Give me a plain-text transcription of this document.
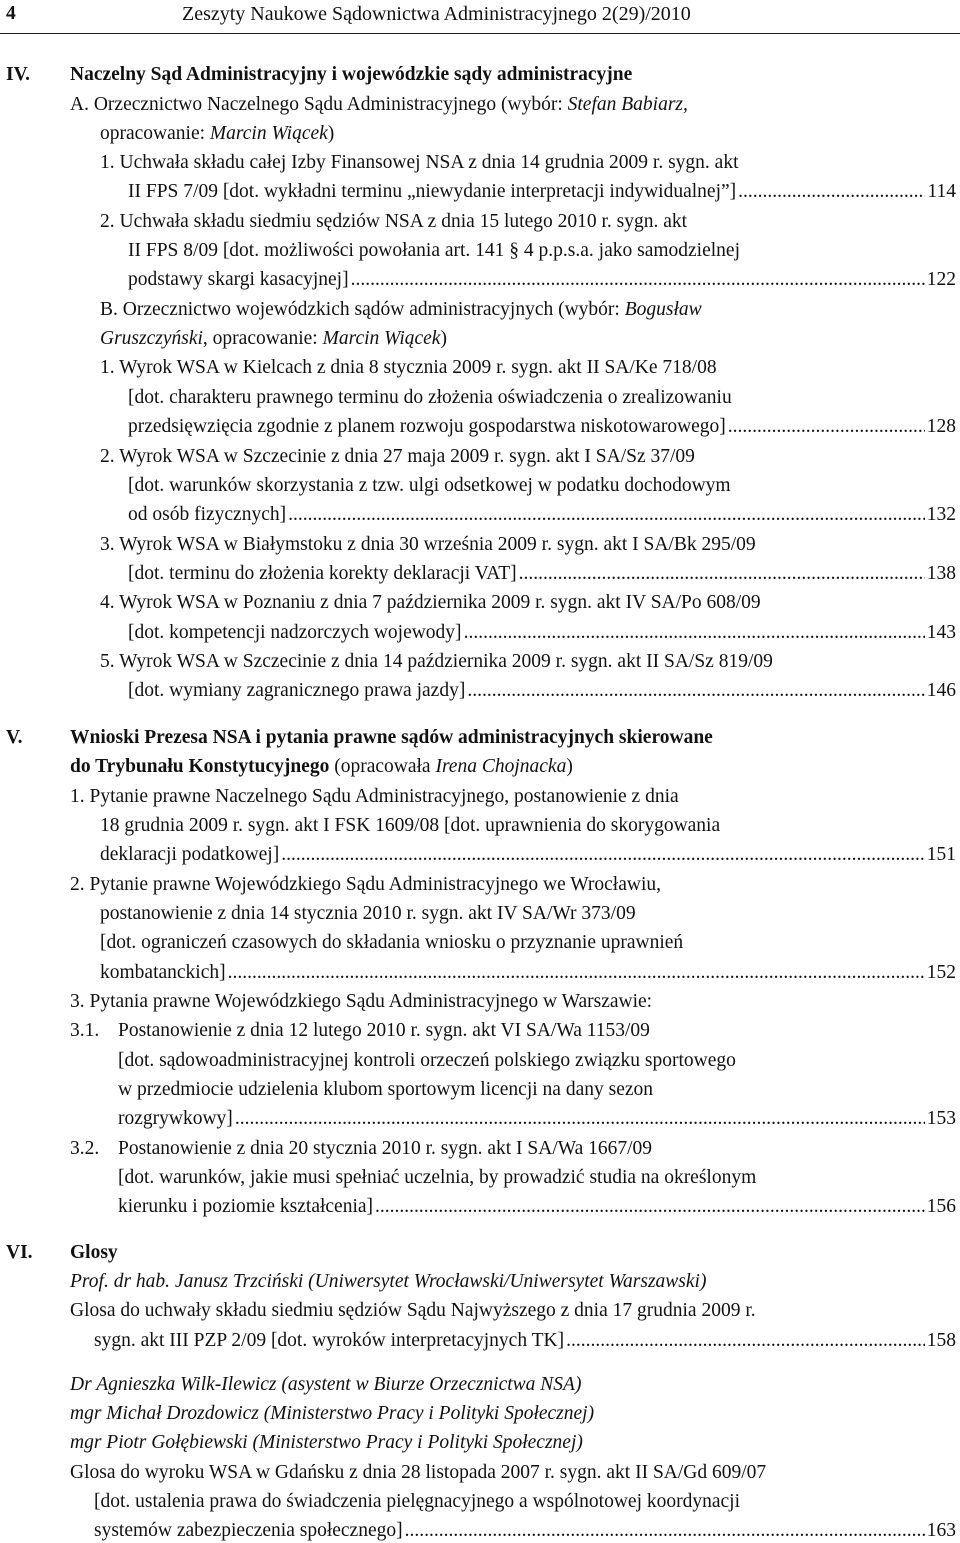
4	Zeszyty Naukowe Sądownictwa Administracyjnego 2(29)/2010
IV. Naczelny Sąd Administracyjny i wojewódzkie sądy administracyjne
A. Orzecznictwo Naczelnego Sądu Administracyjnego (wybór: Stefan Babiarz,
opracowanie: Marcin Wiącek)
1. Uchwała składu całej Izby Finansowej NSA z dnia 14 grudnia 2009 r. sygn. akt
II FPS 7/09 [dot. wykładni terminu „niewydanie interpretacji indywidualnej”] .....	114
2. Uchwała składu siedmiu sędziów NSA z dnia 15 lutego 2010 r. sygn. akt
II FPS 8/09 [dot. możliwości powołania art. 141 § 4 p.p.s.a. jako samodzielnej
podstawy skargi kasacyjnej] .....	122
B. Orzecznictwo wojewódzkich sądów administracyjnych (wybór: Bogusław
Gruszczyński, opracowanie: Marcin Wiącek)
1. Wyrok WSA w Kielcach z dnia 8 stycznia 2009 r. sygn. akt II SA/Ke 718/08
[dot. charakteru prawnego terminu do złożenia oświadczenia o zrealizowaniu
przedsięwzięcia zgodnie z planem rozwoju gospodarstwa niskotowarowego] .....	128
2. Wyrok WSA w Szczecinie z dnia 27 maja 2009 r. sygn. akt I SA/Sz 37/09
[dot. warunków skorzystania z tzw. ulgi odsetkowej w podatku dochodowym
od osób fizycznych] .....	132
3. Wyrok WSA w Białymstoku z dnia 30 września 2009 r. sygn. akt I SA/Bk 295/09
[dot. terminu do złożenia korekty deklaracji VAT] .....	138
4. Wyrok WSA w Poznaniu z dnia 7 października 2009 r. sygn. akt IV SA/Po 608/09
[dot. kompetencji nadzorczych wojewody] .....	143
5. Wyrok WSA w Szczecinie z dnia 14 października 2009 r. sygn. akt II SA/Sz 819/09
[dot. wymiany zagranicznego prawa jazdy] .....	146
V. Wnioski Prezesa NSA i pytania prawne sądów administracyjnych skierowane
do Trybunału Konstytucyjnego (opracowała Irena Chojnacka)
1. Pytanie prawne Naczelnego Sądu Administracyjnego, postanowienie z dnia
18 grudnia 2009 r. sygn. akt I FSK 1609/08 [dot. uprawnienia do skorygowania
deklaracji podatkowej] .....	151
2. Pytanie prawne Wojewódzkiego Sądu Administracyjnego we Wrocławiu,
postanowienie z dnia 14 stycznia 2010 r. sygn. akt IV SA/Wr 373/09
[dot. ograniczeń czasowych do składania wniosku o przyznanie uprawnień
kombatanckich] .....	152
3. Pytania prawne Wojewódzkiego Sądu Administracyjnego w Warszawie:
3.1. Postanowienie z dnia 12 lutego 2010 r. sygn. akt VI SA/Wa 1153/09
[dot. sądowoadministracyjnej kontroli orzeczeń polskiego związku sportowego
w przedmiocie udzielenia klubom sportowym licencji na dany sezon
rozgrywkowy] .....	153
3.2. Postanowienie z dnia 20 stycznia 2010 r. sygn. akt I SA/Wa 1667/09
[dot. warunków, jakie musi spełniać uczelnia, by prowadzić studia na określonym
kierunku i poziomie kształcenia] .....	156
VI. Glosy
Prof. dr hab. Janusz Trzciński (Uniwersytet Wrocławski/Uniwersytet Warszawski)
Glosa do uchwały składu siedmiu sędziów Sądu Najwyższego z dnia 17 grudnia 2009 r.
sygn. akt III PZP 2/09 [dot. wyroków interpretacyjnych TK] .....	158
Dr Agnieszka Wilk-Ilewicz (asystent w Biurze Orzecznictwa NSA)
mgr Michał Drozdowicz (Ministerstwo Pracy i Polityki Społecznej)
mgr Piotr Gołębiewski (Ministerstwo Pracy i Polityki Społecznej)
Glosa do wyroku WSA w Gdańsku z dnia 28 listopada 2007 r. sygn. akt II SA/Gd 609/07
[dot. ustalenia prawa do świadczenia pielęgnacyjnego a wspólnotowej koordynacji
systemów zabezpieczenia społecznego] .....	163
